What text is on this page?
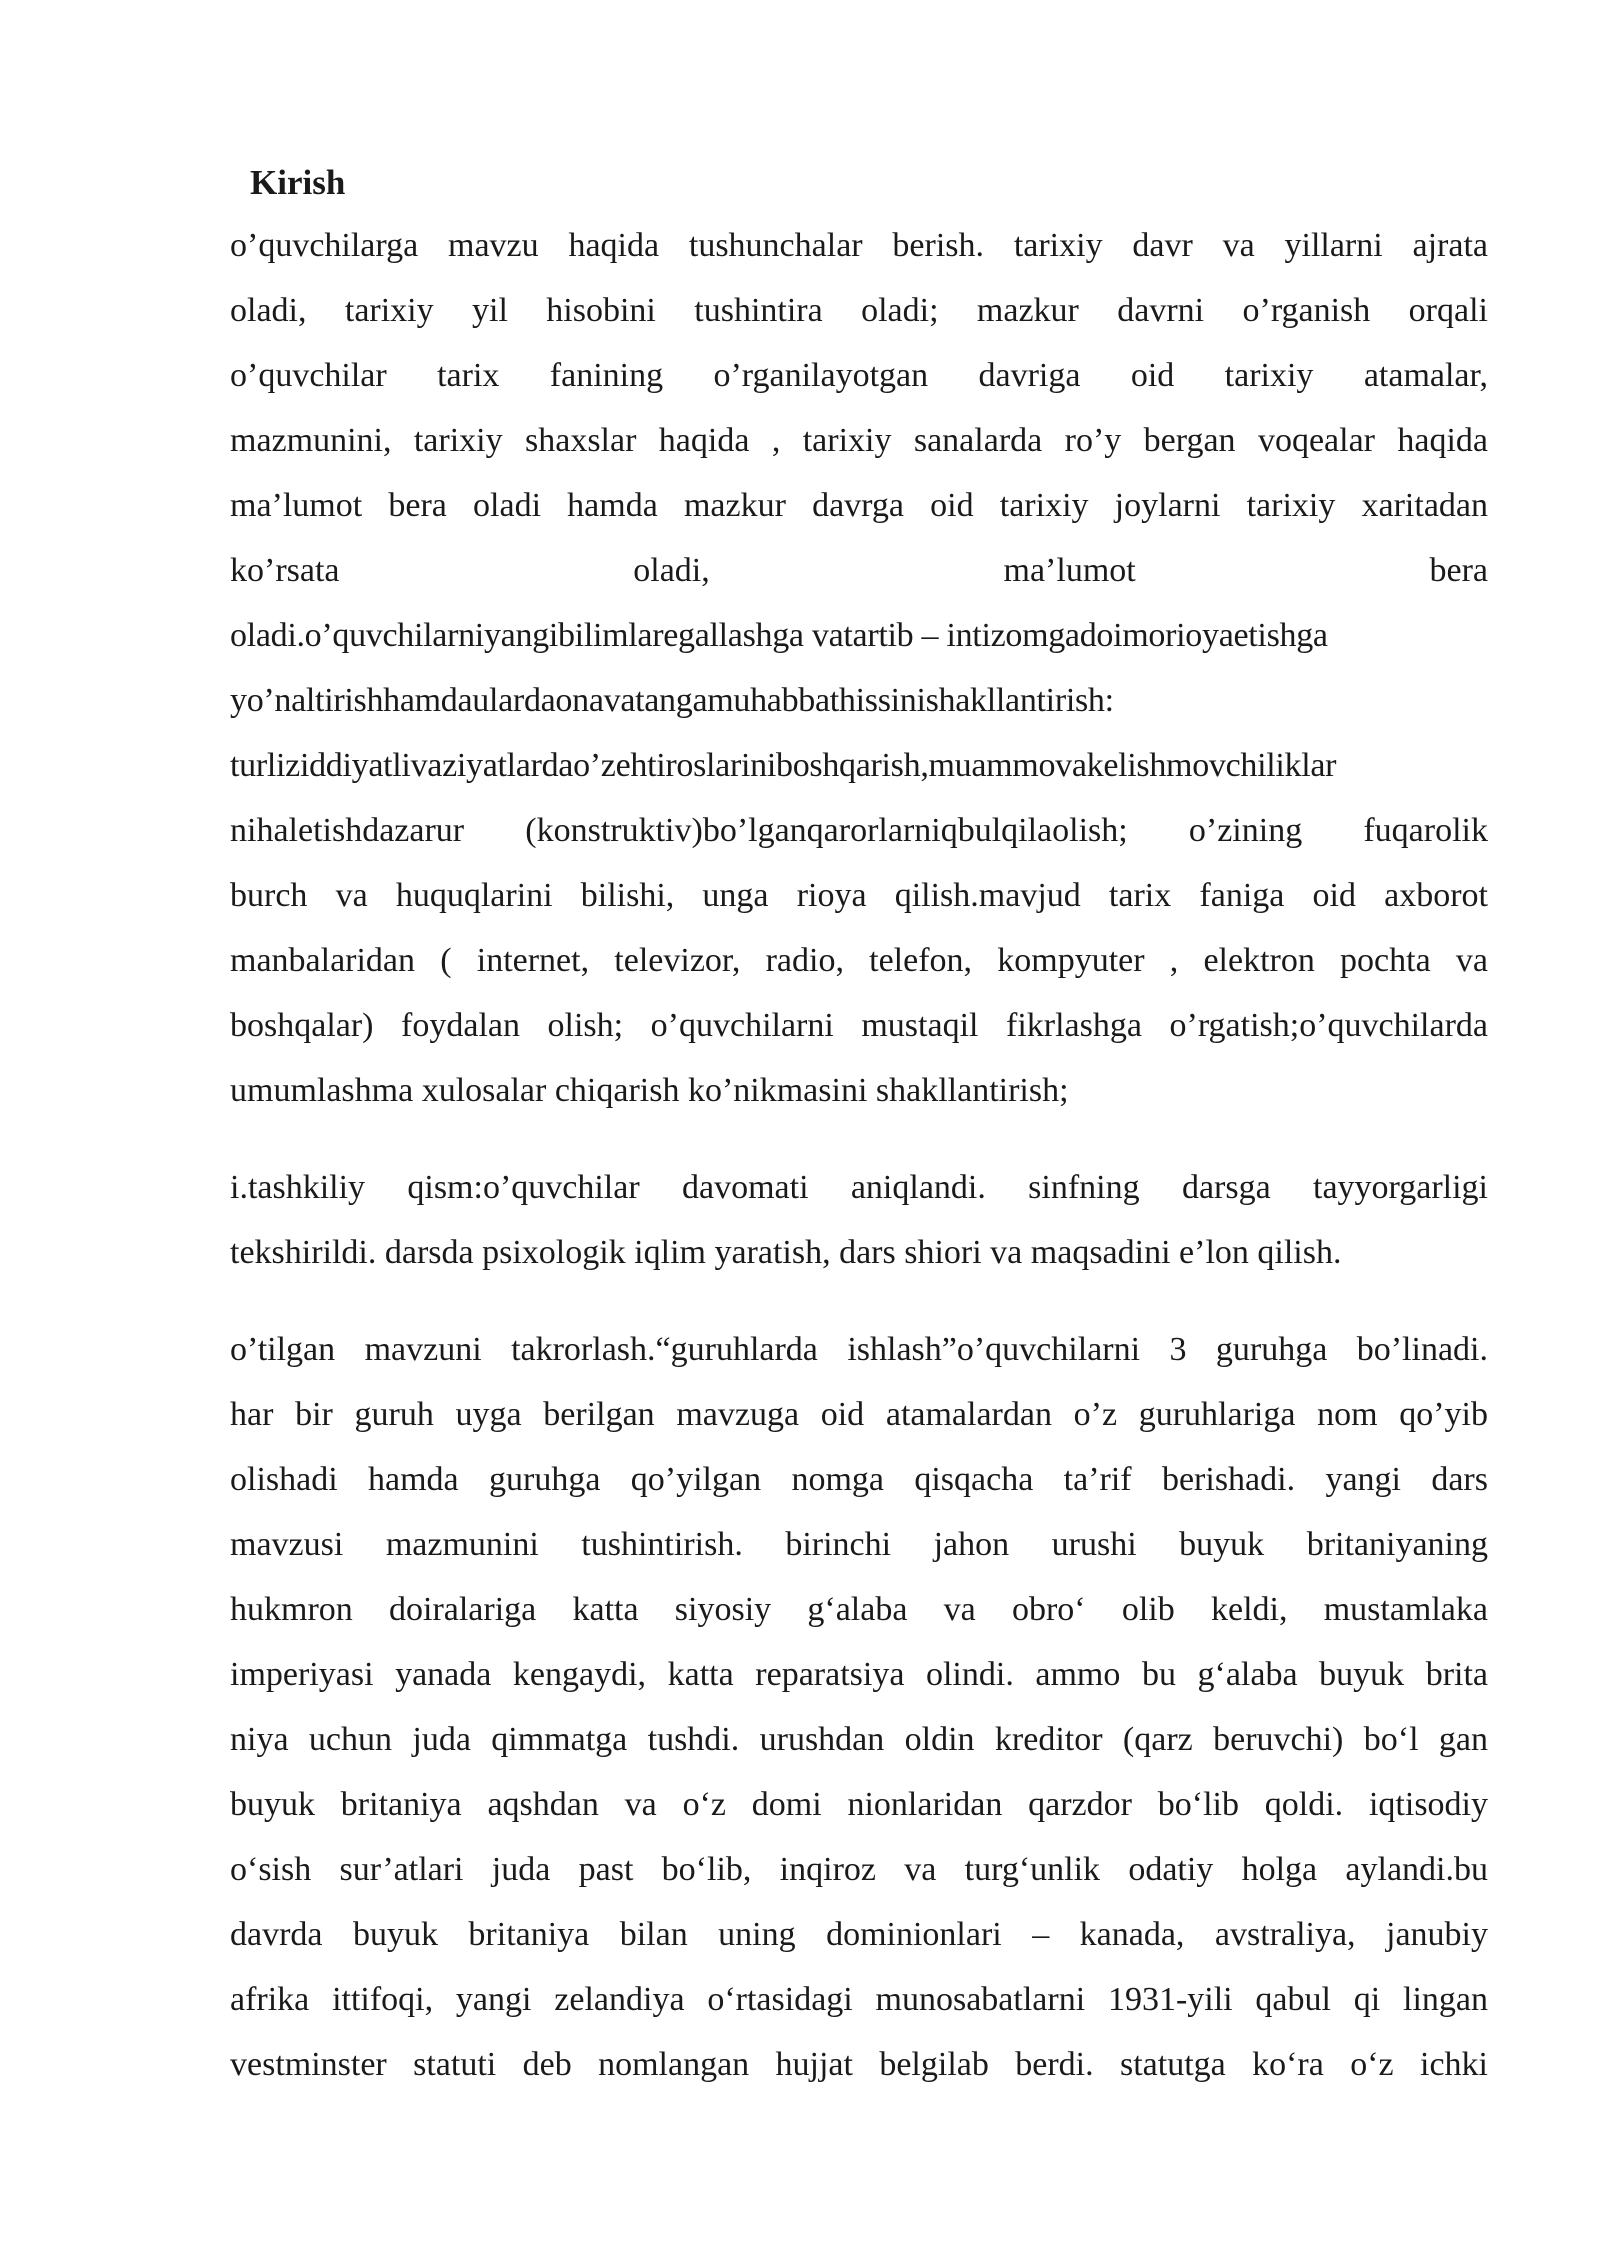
Kirish
o’quvchilarga mavzu haqida tushunchalar berish. tarixiy davr va yillarni ajrata
oladi, tarixiy yil hisobini tushintira oladi; mazkur davrni o’rganish orqali
o’quvchilar tarix fanining o’rganilayotgan davriga oid tarixiy atamalar,
mazmunini, tarixiy shaxslar haqida , tarixiy sanalarda ro’y bergan voqealar haqida
ma’lumot bera oladi hamda mazkur davrga oid tarixiy joylarni tarixiy xaritadan
ko’rsata oladi, ma’lumot bera
oladi.o’quvchilarniyangibilimlaregallashga vatartib – intizomgadoimorioyaetishga
yo’naltirishhamdaulardaonavatangamuhabbathissinishakllantirish:
turliziddiyatlivaziyatlardao’zehtiroslariniboshqarish,muammovakelishmovchiliklar
nihaletishdazarur (konstruktiv)bo’lganqarorlarniqbulqilaolish; o’zining fuqarolik
burch va huquqlarini bilishi, unga rioya qilish.mavjud tarix faniga oid axborot
manbalaridan ( internet, televizor, radio, telefon, kompyuter , elektron pochta va
boshqalar) foydalan olish; o’quvchilarni mustaqil fikrlashga o’rgatish;o’quvchilarda
umumlashma xulosalar chiqarish ko’nikmasini shakllantirish;
i.tashkiliy qism:o’quvchilar davomati aniqlandi. sinfning darsga tayyorgarligi
tekshirildi. darsda psixologik iqlim yaratish, dars shiori va maqsadini e’lon qilish.
o’tilgan mavzuni takrorlash.“guruhlarda ishlash”o’quvchilarni 3 guruhga bo’linadi.
har bir guruh uyga berilgan mavzuga oid atamalardan o’z guruhlariga nom qo’yib
olishadi hamda guruhga qo’yilgan nomga qisqacha ta’rif berishadi. yangi dars
mavzusi mazmunini tushintirish. birinchi jahon urushi buyuk britaniyaning
hukmron doiralariga katta siyosiy g‘alaba va obro‘ olib keldi, mustamlaka
imperiyasi yanada kengaydi, katta reparatsiya olindi. ammo bu g‘alaba buyuk brita
niya uchun juda qimmatga tushdi. urushdan oldin kreditor (qarz beruvchi) bo‘l gan
buyuk britaniya aqshdan va o‘z domi nionlaridan qarzdor bo‘lib qoldi. iqtisodiy
o‘sish sur’atlari juda past bo‘lib, inqiroz va turg‘unlik odatiy holga aylandi.bu
davrda buyuk britaniya bilan uning dominionlari – kanada, avstraliya, janubiy
afrika ittifoqi, yangi zelandiya o‘rtasidagi munosabatlarni 1931-yili qabul qi lingan
vestminster statuti deb nomlangan hujjat belgilab berdi. statutga ko‘ra o‘z ichki
